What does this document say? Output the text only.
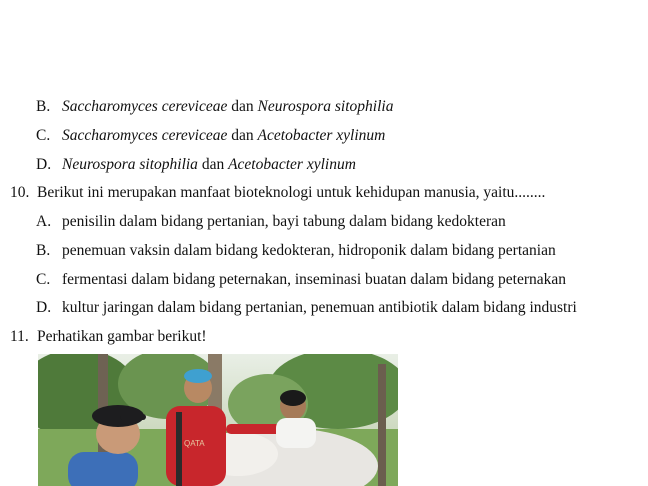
B. Saccharomyces cereviceae dan Neurospora sitophilia
C. Saccharomyces cereviceae dan Acetobacter xylinum
D. Neurospora sitophilia dan Acetobacter xylinum
10. Berikut ini merupakan manfaat bioteknologi untuk kehidupan manusia, yaitu........
A. penisilin dalam bidang pertanian, bayi tabung dalam bidang kedokteran
B. penemuan vaksin dalam bidang kedokteran, hidroponik dalam bidang pertanian
C. fermentasi dalam bidang peternakan, inseminasi buatan dalam bidang peternakan
D. kultur jaringan dalam bidang pertanian, penemuan antibiotik dalam bidang industri
11. Perhatikan gambar berikut!
QATA
